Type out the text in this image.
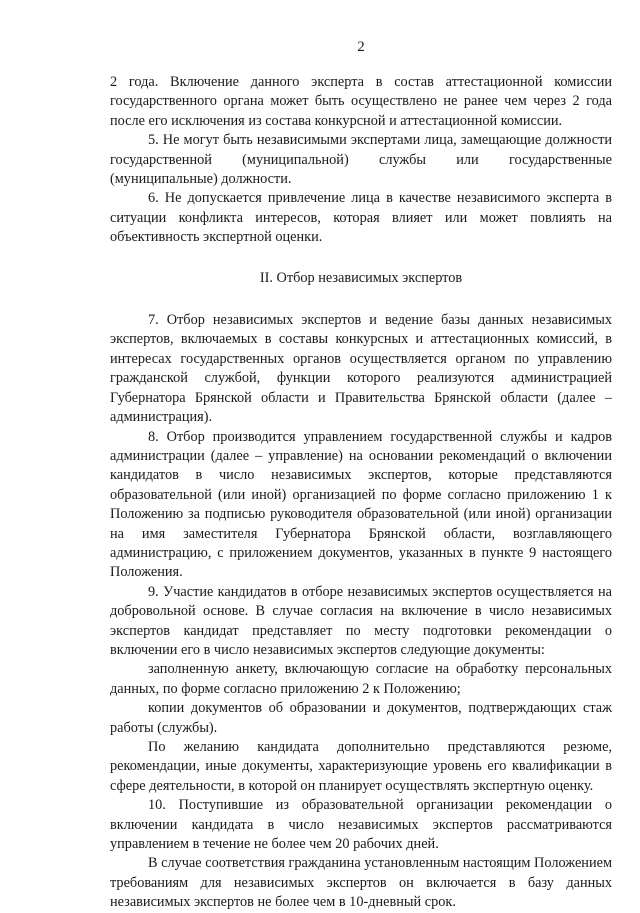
2

2 года. Включение данного эксперта в состав аттестационной комиссии государственного органа может быть осуществлено не ранее чем через 2 года после его исключения из состава конкурсной и аттестационной комиссии.

5. Не могут быть независимыми экспертами лица, замещающие должности государственной (муниципальной) службы или государственные (муниципальные) должности.

6. Не допускается привлечение лица в качестве независимого эксперта в ситуации конфликта интересов, которая влияет или может повлиять на объективность экспертной оценки.

II. Отбор независимых экспертов

7. Отбор независимых экспертов и ведение базы данных независимых экспертов, включаемых в составы конкурсных и аттестационных комиссий, в интересах государственных органов осуществляется органом по управлению гражданской службой, функции которого реализуются администрацией Губернатора Брянской области и Правительства Брянской области (далее – администрация).

8. Отбор производится управлением государственной службы и кадров администрации (далее – управление) на основании рекомендаций о включении кандидатов в число независимых экспертов, которые представляются образовательной (или иной) организацией по форме согласно приложению 1 к Положению за подписью руководителя образовательной (или иной) организации на имя заместителя Губернатора Брянской области, возглавляющего администрацию, с приложением документов, указанных в пункте 9 настоящего Положения.

9. Участие кандидатов в отборе независимых экспертов осуществляется на добровольной основе. В случае согласия на включение в число независимых экспертов кандидат представляет по месту подготовки рекомендации о включении его в число независимых экспертов следующие документы:

заполненную анкету, включающую согласие на обработку персональных данных, по форме согласно приложению 2 к Положению;

копии документов об образовании и документов, подтверждающих стаж работы (службы).

По желанию кандидата дополнительно представляются резюме, рекомендации, иные документы, характеризующие уровень его квалификации в сфере деятельности, в которой он планирует осуществлять экспертную оценку.

10. Поступившие из образовательной организации рекомендации о включении кандидата в число независимых экспертов рассматриваются управлением в течение не более чем 20 рабочих дней.

В случае соответствия гражданина установленным настоящим Положением требованиям для независимых экспертов он включается в базу данных независимых экспертов не более чем в 10-дневный срок.
